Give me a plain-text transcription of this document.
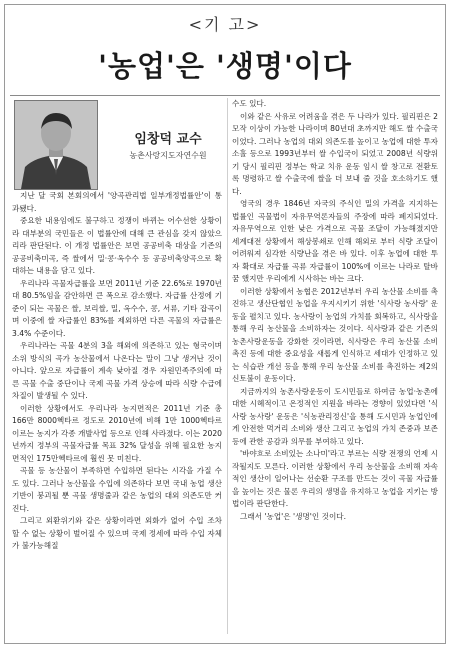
<기 고>
'농업'은 '생명'이다
임창덕 교수
농촌사랑지도자연수원

지난 달 국회 본회의에서 '양곡관리법 일부개정법률안'이 통과됐다.

중요한 내용임에도 불구하고 정쟁이 바뀌는 어수선한 상황이라 대부분의 국민들은 이 법률안에 대해 큰 관심을 갖지 않았으리라 판단된다. 이 개정 법률안은 보면 공공비축 대상을 기존의 공공비축미곡, 즉 쌀에서 밀·콩·옥수수 등 공공비축양곡으로 확대하는 내용을 담고 있다.

우리나라 곡물자급률을 보면 2011년 기준 22.6%로 1970년대 80.5%임을 감안하면 큰 폭으로 감소했다. 자급률 산정에 기준이 되는 곡물은 쌀, 보리쌀, 밀, 옥수수, 콩, 서류, 기타 잡곡이며 이중에 쌀 자급률인 83%를 제외하면 다른 곡물의 자급률은 3.4% 수준이다.

우리나라는 곡물 4분의 3을 해외에 의존하고 있는 형국이며 소위 방식의 곡가 농산물에서 나온다는 말이 그냥 생겨난 것이 아니다. 앞으로 자급률이 계속 낮아질 경우 자원민족주의에 따른 곡물 수출 중단이나 국제 곡물 가격 상승에 따라 식량 수급에 차질이 발생될 수 있다.

이러한 상황에서도 우리나라 농지면적은 2011년 기준 총 166만 8000헥타르 정도로 2010년에 비해 1만 1000헥타르 이르는 농지가 각종 개발사업 등으로 인해 사라졌다. 이는 2020년까지 정부의 곡물자급률 목표 32% 달성을 위해 필요한 농지면적인 175만헥타르에 훨씬 못 미친다.

곡물 등 농산물이 부족하면 수입하면 된다는 시각을 가질 수도 있다. 그러나 농산물을 수입에 의존하다 보면 국내 농업 생산 기반이 붕괴될 뿐 곡물 생명줄과 같은 농업의 대외 의존도만 커진다.

그리고 외환위기와 같은 상황이라면 외화가 없어 수입 조차 할 수 없는 상황이 벌어질 수 있으며 국제 정세에 따라 수입 자체가 불가능해질

수도 있다.

이와 같은 사유로 어려움을 겪은 두 나라가 있다. 필리핀은 2모작 이상이 가능한 나라이며 80년대 초까지만 해도 쌀 수출국이었다. 그러나 농업의 대외 의존도를 높이고 농업에 대한 투자 소홀 등으로 1993년부터 쌀 수입국이 되었고 2008년 식량위기 당시 필리핀 정부는 학교 치유 운동 임시 쌀 창고로 전환토록 명령하고 쌀 수출국에 쌀을 더 보내 줄 것을 호소하기도 했다.

영국의 경우 1846년 자국의 주식인 밀의 가격을 지지하는 법률인 곡물법이 자유무역론자들의 주장에 따라 폐지되었다. 자유무역으로 인한 낮은 가격으로 곡물 조달이 가능해졌지만 세계대전 상황에서 해상봉쇄로 인해 해외로 부터 식량 조달이 어려워져 심각한 식량난을 겪은 바 있다. 이후 농업에 대한 투자 확대로 자급률 곡류 자급률이 100%에 이르는 나라로 탈바꿈 했지만 우리에게 시사하는 바는 크다.

이러한 상황에서 농협은 2012년부터 우리 농산물 소비를 촉진하고 생산단협인 농업을 우지시키기 위한 '식사랑 농사랑' 운동을 펼치고 있다. 농사랑이 농업의 가치를 회복하고, 식사랑을 통해 우리 농산물을 소비하자는 것이다. 식사랑과 같은 기존의 농촌사랑운동을 강화한 것이라면, 식사랑은 우리 농산물 소비 촉진 등에 대한 중요성을 새롭게 인식하고 세대가 인정하고 있는 식습관 개선 등을 통해 우리 농산물 소비를 촉진하는 제2의 신토불이 운동이다.

지금까지의 농촌사랑운동이 도시민들로 하여금 농업·농촌에 대한 시혜적이고 온정적인 지원을 바라는 경향이 있었다면 '식사랑 농사랑' 운동은 '식농관리정신'을 통해 도시민과 농업인에게 안전한 먹거리 소비와 생산 그리고 농업의 가치 존중과 보존 등에 관한 공감과 의무를 부여하고 있다.

'바야흐로 소비있는 소나미'라고 부르는 식량 전쟁의 언제 시작될지도 모른다. 이러한 상황에서 우리 농산물을 소비해 자속적인 생산이 일어나는 선순환 구조를 만드는 것이 곡물 자급률을 높이는 것은 물론 우리의 생명을 유지하고 농업을 지키는 방법이라 판단한다.

그래서 '농업'은 '생명'인 것이다.
